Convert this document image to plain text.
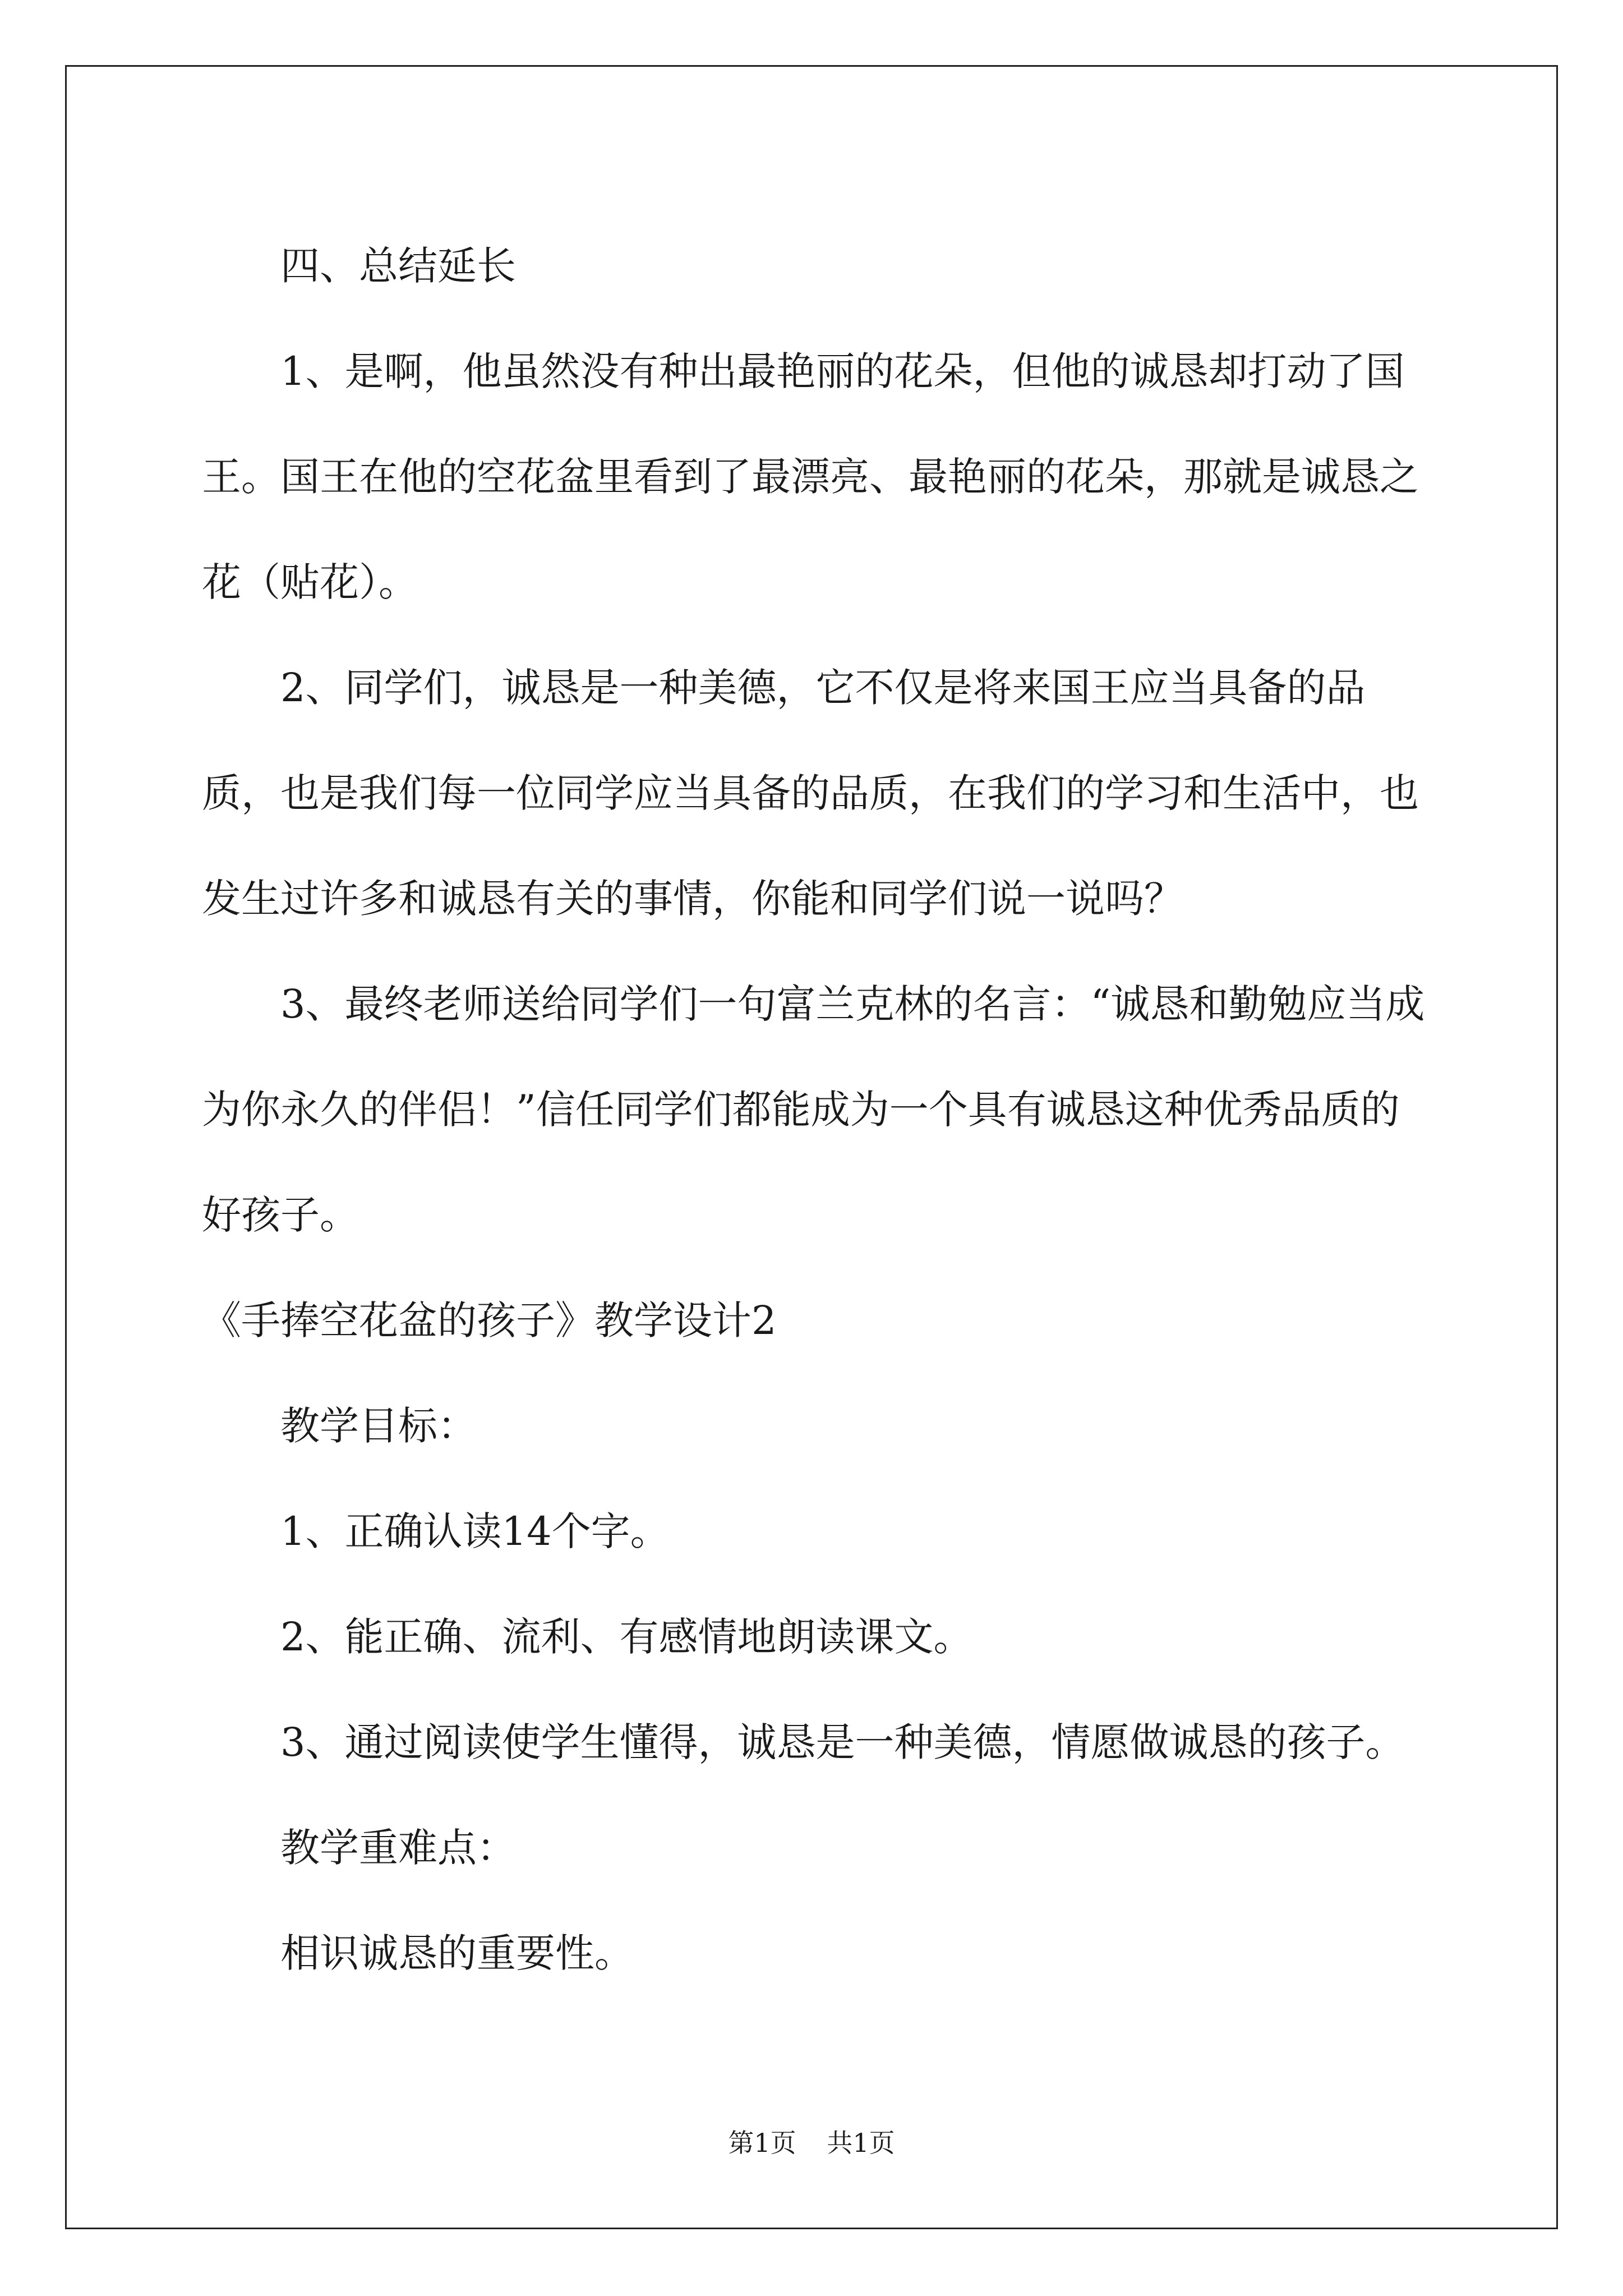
四、总结延长

1、是啊，他虽然没有种出最艳丽的花朵，但他的诚恳却打动了国王。国王在他的空花盆里看到了最漂亮、最艳丽的花朵，那就是诚恳之花（贴花）。

2、同学们，诚恳是一种美德，它不仅是将来国王应当具备的品质，也是我们每一位同学应当具备的品质，在我们的学习和生活中，也发生过许多和诚恳有关的事情，你能和同学们说一说吗？

3、最终老师送给同学们一句富兰克林的名言：“诚恳和勤勉应当成为你永久的伴侣！”信任同学们都能成为一个具有诚恳这种优秀品质的好孩子。

《手捧空花盆的孩子》教学设计2

教学目标：

1、正确认读14个字。

2、能正确、流利、有感情地朗读课文。

3、通过阅读使学生懂得，诚恳是一种美德，情愿做诚恳的孩子。

教学重难点：

相识诚恳的重要性。

第1页 共1页
